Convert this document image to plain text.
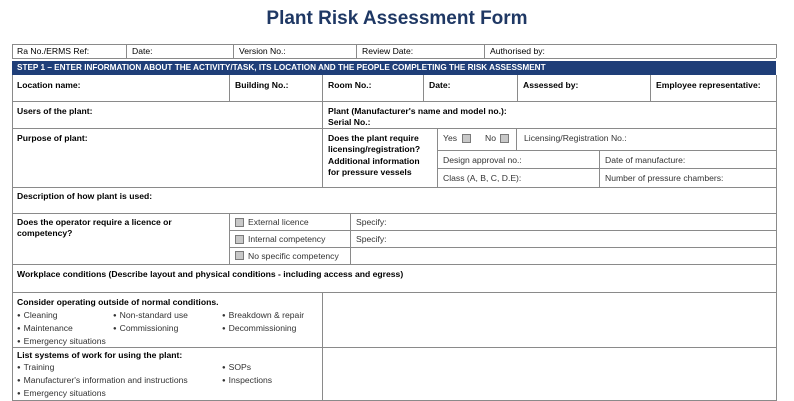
Plant Risk Assessment Form
Ra No./ERMS Ref:	Date:	Version No.:	Review Date:	Authorised by:
STEP 1 – ENTER INFORMATION ABOUT THE ACTIVITY/TASK, ITS LOCATION AND THE PEOPLE COMPLETING THE RISK ASSESSMENT
Location name:	Building No.:	Room No.:	Date:	Assessed by:	Employee representative:
Users of the plant:	Plant (Manufacturer's name and model no.):
Serial No.:
Purpose of plant:	Does the plant require licensing/registration?
Yes	No	Licensing/Registration No.:
Additional information for pressure vessels
Design approval no.:	Date of manufacture:
Class (A, B, C, D.E):	Number of pressure chambers:
Description of how plant is used:
Does the operator require a licence or competency?
External licence	Specify:
Internal competency	Specify:
No specific competency
Workplace conditions (Describe layout and physical conditions - including access and egress)
Consider operating outside of normal conditions.
● Cleaning
● Maintenance
● Emergency situations
● Non-standard use
● Commissioning
● Breakdown & repair
● Decommissioning
List systems of work for using the plant:
● Training
● Manufacturer's information and instructions
● Emergency situations
● SOPs
● Inspections
